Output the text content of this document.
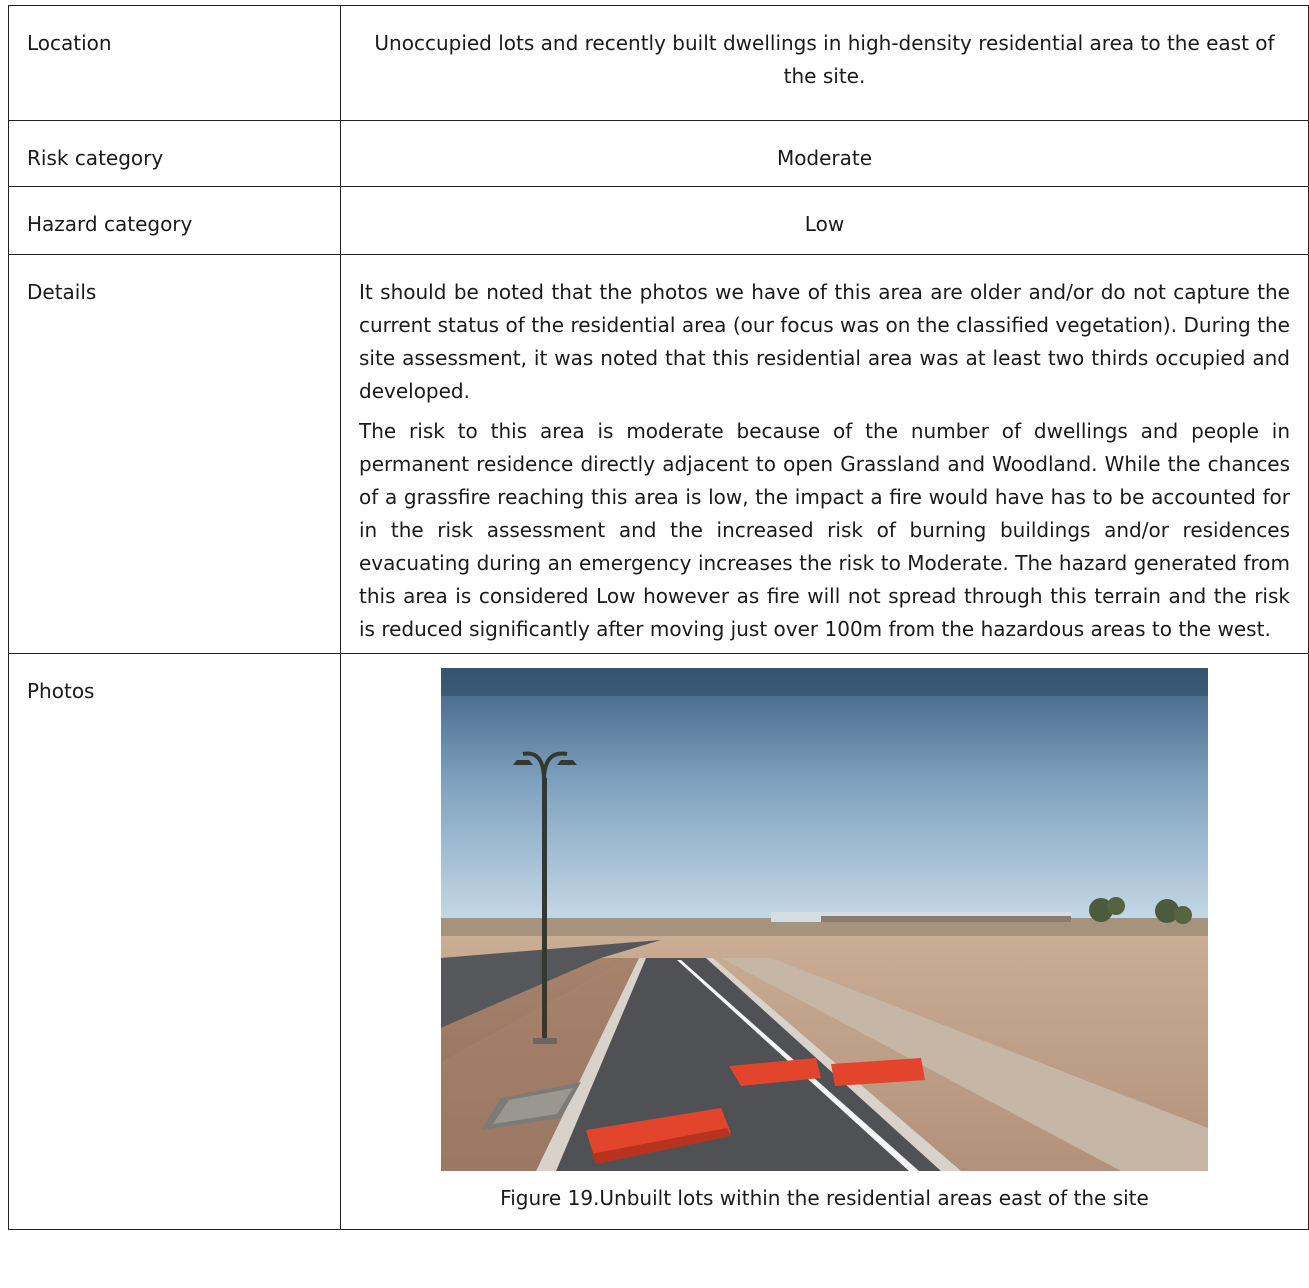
Location	Unoccupied lots and recently built dwellings in high-density residential area to the east of the site.
Risk category	Moderate
Hazard category	Low
Details	It should be noted that the photos we have of this area are older and/or do not capture the current status of the residential area (our focus was on the classified vegetation). During the site assessment, it was noted that this residential area was at least two thirds occupied and developed.

The risk to this area is moderate because of the number of dwellings and people in permanent residence directly adjacent to open Grassland and Woodland. While the chances of a grassfire reaching this area is low, the impact a fire would have has to be accounted for in the risk assessment and the increased risk of burning buildings and/or residences evacuating during an emergency increases the risk to Moderate. The hazard generated from this area is considered Low however as fire will not spread through this terrain and the risk is reduced significantly after moving just over 100m from the hazardous areas to the west.

Photos	Figure 19.Unbuilt lots within the residential areas east of the site
